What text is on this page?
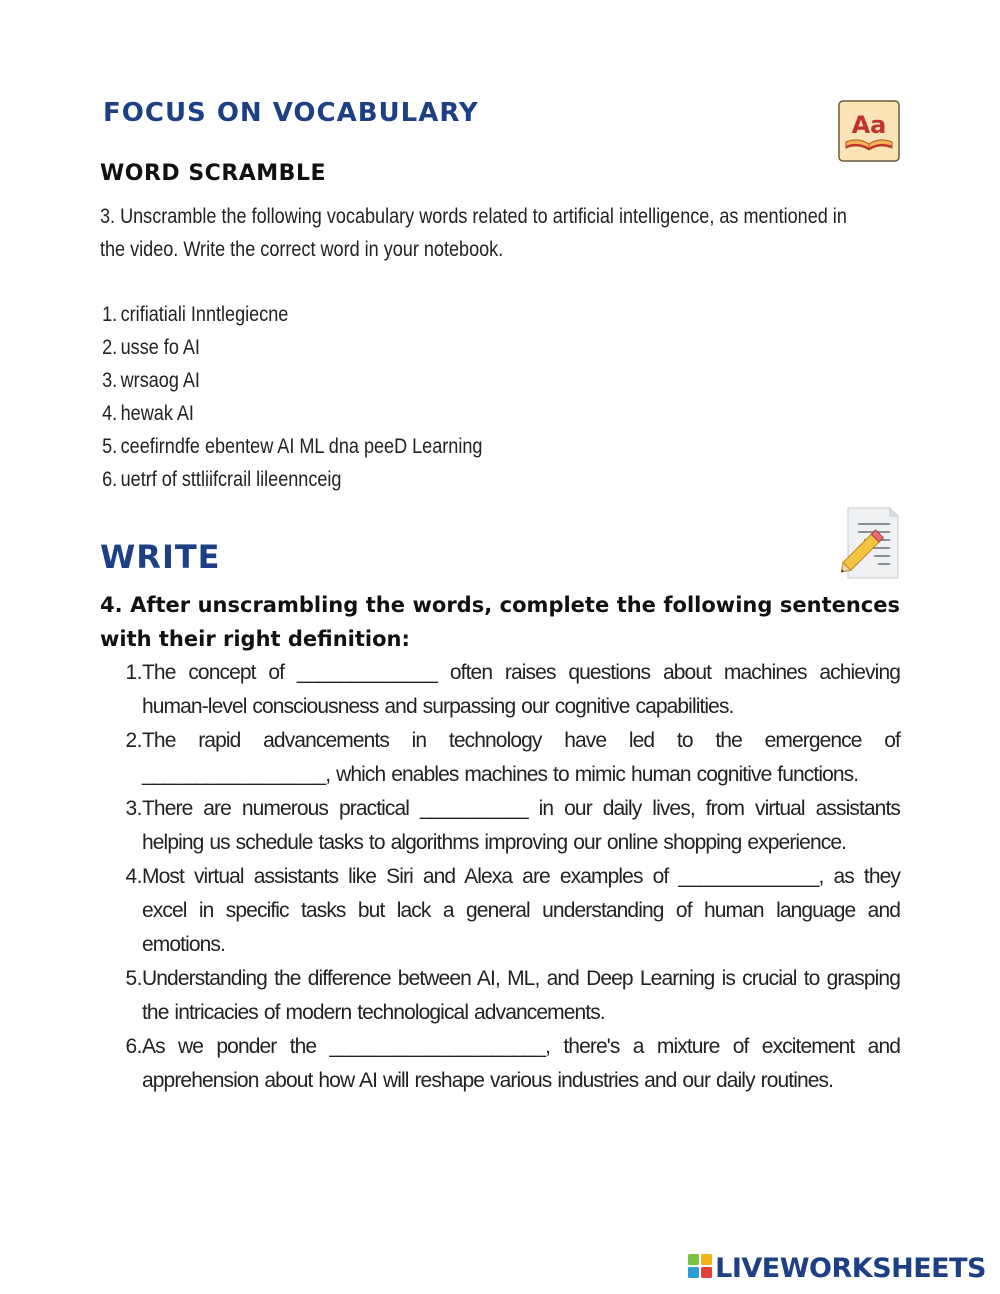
FOCUS ON VOCABULARY	Aa
WORD SCRAMBLE

3. Unscramble the following vocabulary words related to artificial intelligence, as mentioned in the video. Write the correct word in your notebook.

1. crifiatiali Inntlegiecne
2. usse fo AI
3. wrsaog AI
4. hewak AI
5. ceefirndfe ebentew AI ML dna peeD Learning
6. uetrf of sttliifcrail lileennceig
WRITE

4. After unscrambling the words, complete the following sentences with their right definition:

1. The concept of _____________ often raises questions about machines achieving human-level consciousness and surpassing our cognitive capabilities.
2. The rapid advancements in technology have led to the emergence of _________________, which enables machines to mimic human cognitive functions.
3. There are numerous practical __________ in our daily lives, from virtual assistants helping us schedule tasks to algorithms improving our online shopping experience.
4. Most virtual assistants like Siri and Alexa are examples of _____________, as they excel in specific tasks but lack a general understanding of human language and emotions.
5. Understanding the difference between AI, ML, and Deep Learning is crucial to grasping the intricacies of modern technological advancements.
6. As we ponder the ____________________, there's a mixture of excitement and apprehension about how AI will reshape various industries and our daily routines.
LIVEWORKSHEETS
